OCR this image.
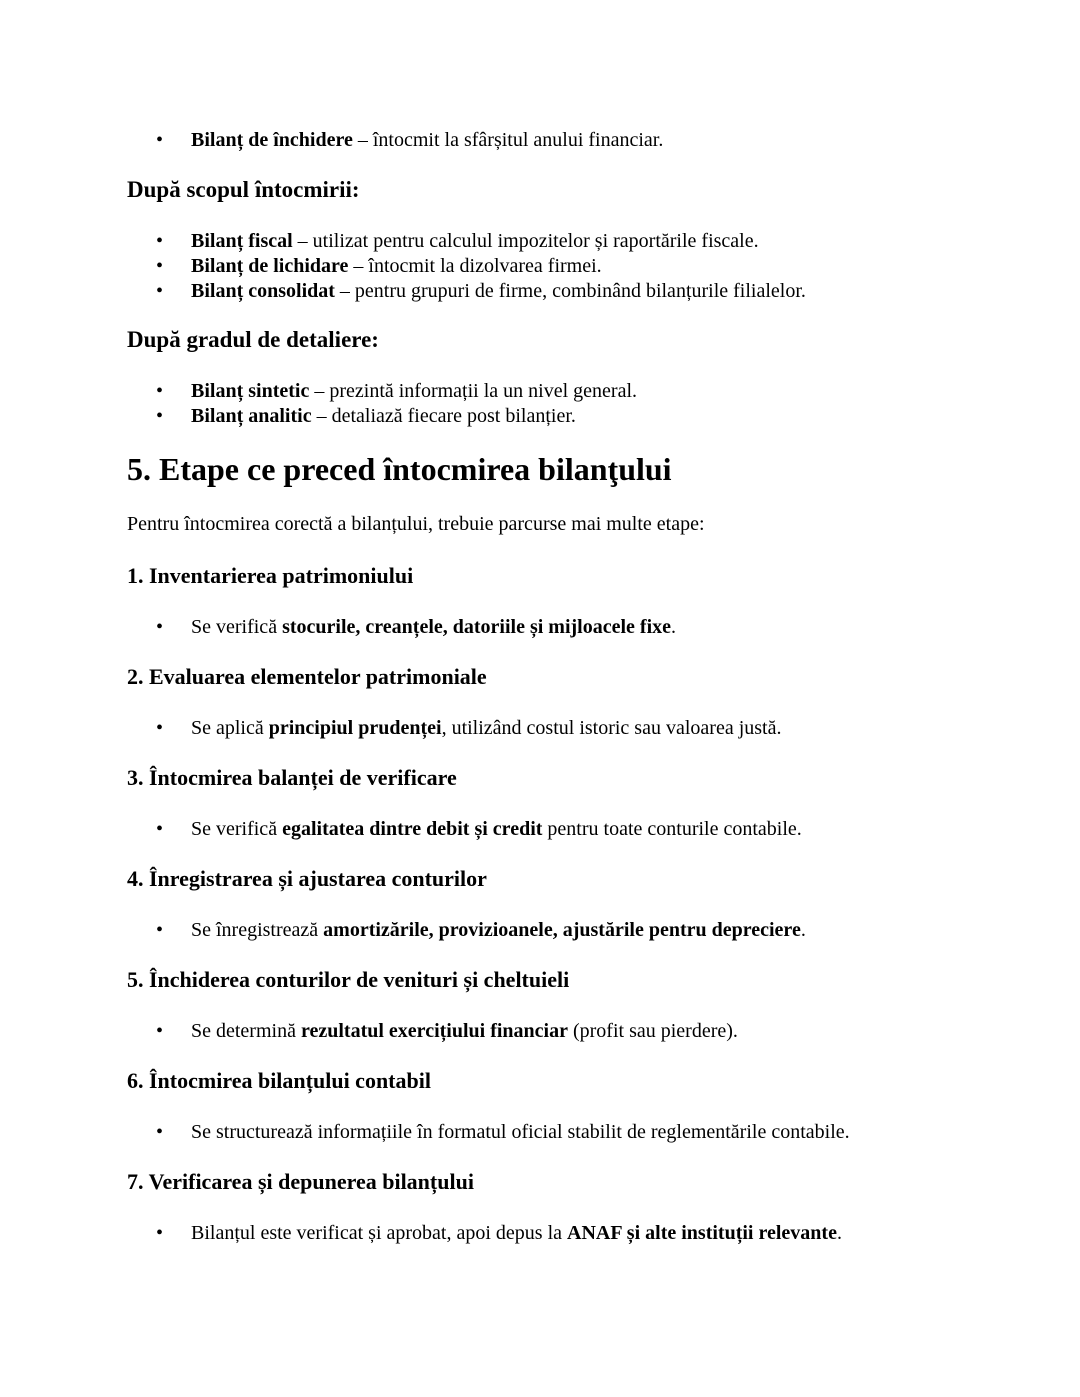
• Bilanț de închidere – întocmit la sfârșitul anului financiar.
După scopul întocmirii:
• Bilanț fiscal – utilizat pentru calculul impozitelor și raportările fiscale.
• Bilanț de lichidare – întocmit la dizolvarea firmei.
• Bilanț consolidat – pentru grupuri de firme, combinând bilanțurile filialelor.
După gradul de detaliere:
• Bilanț sintetic – prezintă informații la un nivel general.
• Bilanț analitic – detaliază fiecare post bilanțier.
5. Etape ce preced întocmirea bilanţului
Pentru întocmirea corectă a bilanțului, trebuie parcurse mai multe etape:
1. Inventarierea patrimoniului
• Se verifică stocurile, creanțele, datoriile și mijloacele fixe.
2. Evaluarea elementelor patrimoniale
• Se aplică principiul prudenței, utilizând costul istoric sau valoarea justă.
3. Întocmirea balanței de verificare
• Se verifică egalitatea dintre debit și credit pentru toate conturile contabile.
4. Înregistrarea și ajustarea conturilor
• Se înregistrează amortizările, provizioanele, ajustările pentru depreciere.
5. Închiderea conturilor de venituri și cheltuieli
• Se determină rezultatul exercițiului financiar (profit sau pierdere).
6. Întocmirea bilanțului contabil
• Se structurează informațiile în formatul oficial stabilit de reglementările contabile.
7. Verificarea și depunerea bilanțului
• Bilanțul este verificat și aprobat, apoi depus la ANAF și alte instituții relevante.
